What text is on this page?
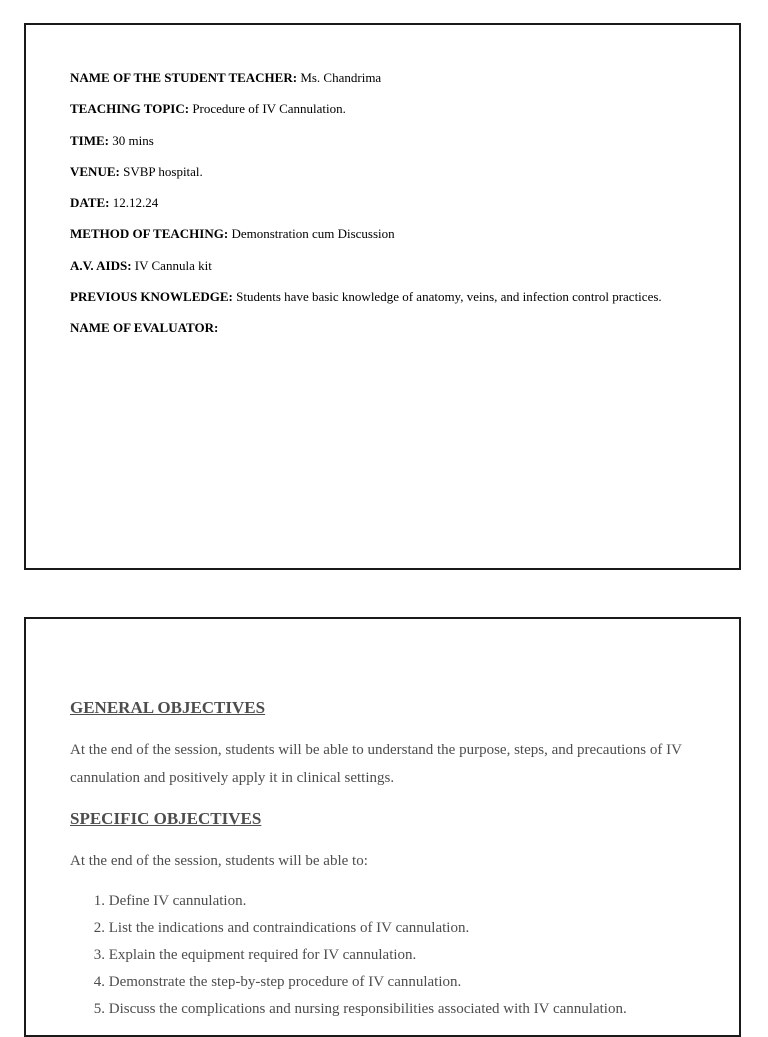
NAME OF THE STUDENT TEACHER: Ms. Chandrima
TEACHING TOPIC: Procedure of IV Cannulation.
TIME: 30 mins
VENUE: SVBP hospital.
DATE: 12.12.24
METHOD OF TEACHING: Demonstration cum Discussion
A.V. AIDS: IV Cannula kit
PREVIOUS KNOWLEDGE: Students have basic knowledge of anatomy, veins, and infection control practices.
NAME OF EVALUATOR:
GENERAL OBJECTIVES

At the end of the session, students will be able to understand the purpose, steps, and precautions of IV cannulation and positively apply it in clinical settings.

SPECIFIC OBJECTIVES

At the end of the session, students will be able to:

1. Define IV cannulation.
2. List the indications and contraindications of IV cannulation.
3. Explain the equipment required for IV cannulation.
4. Demonstrate the step-by-step procedure of IV cannulation.
5. Discuss the complications and nursing responsibilities associated with IV cannulation.
